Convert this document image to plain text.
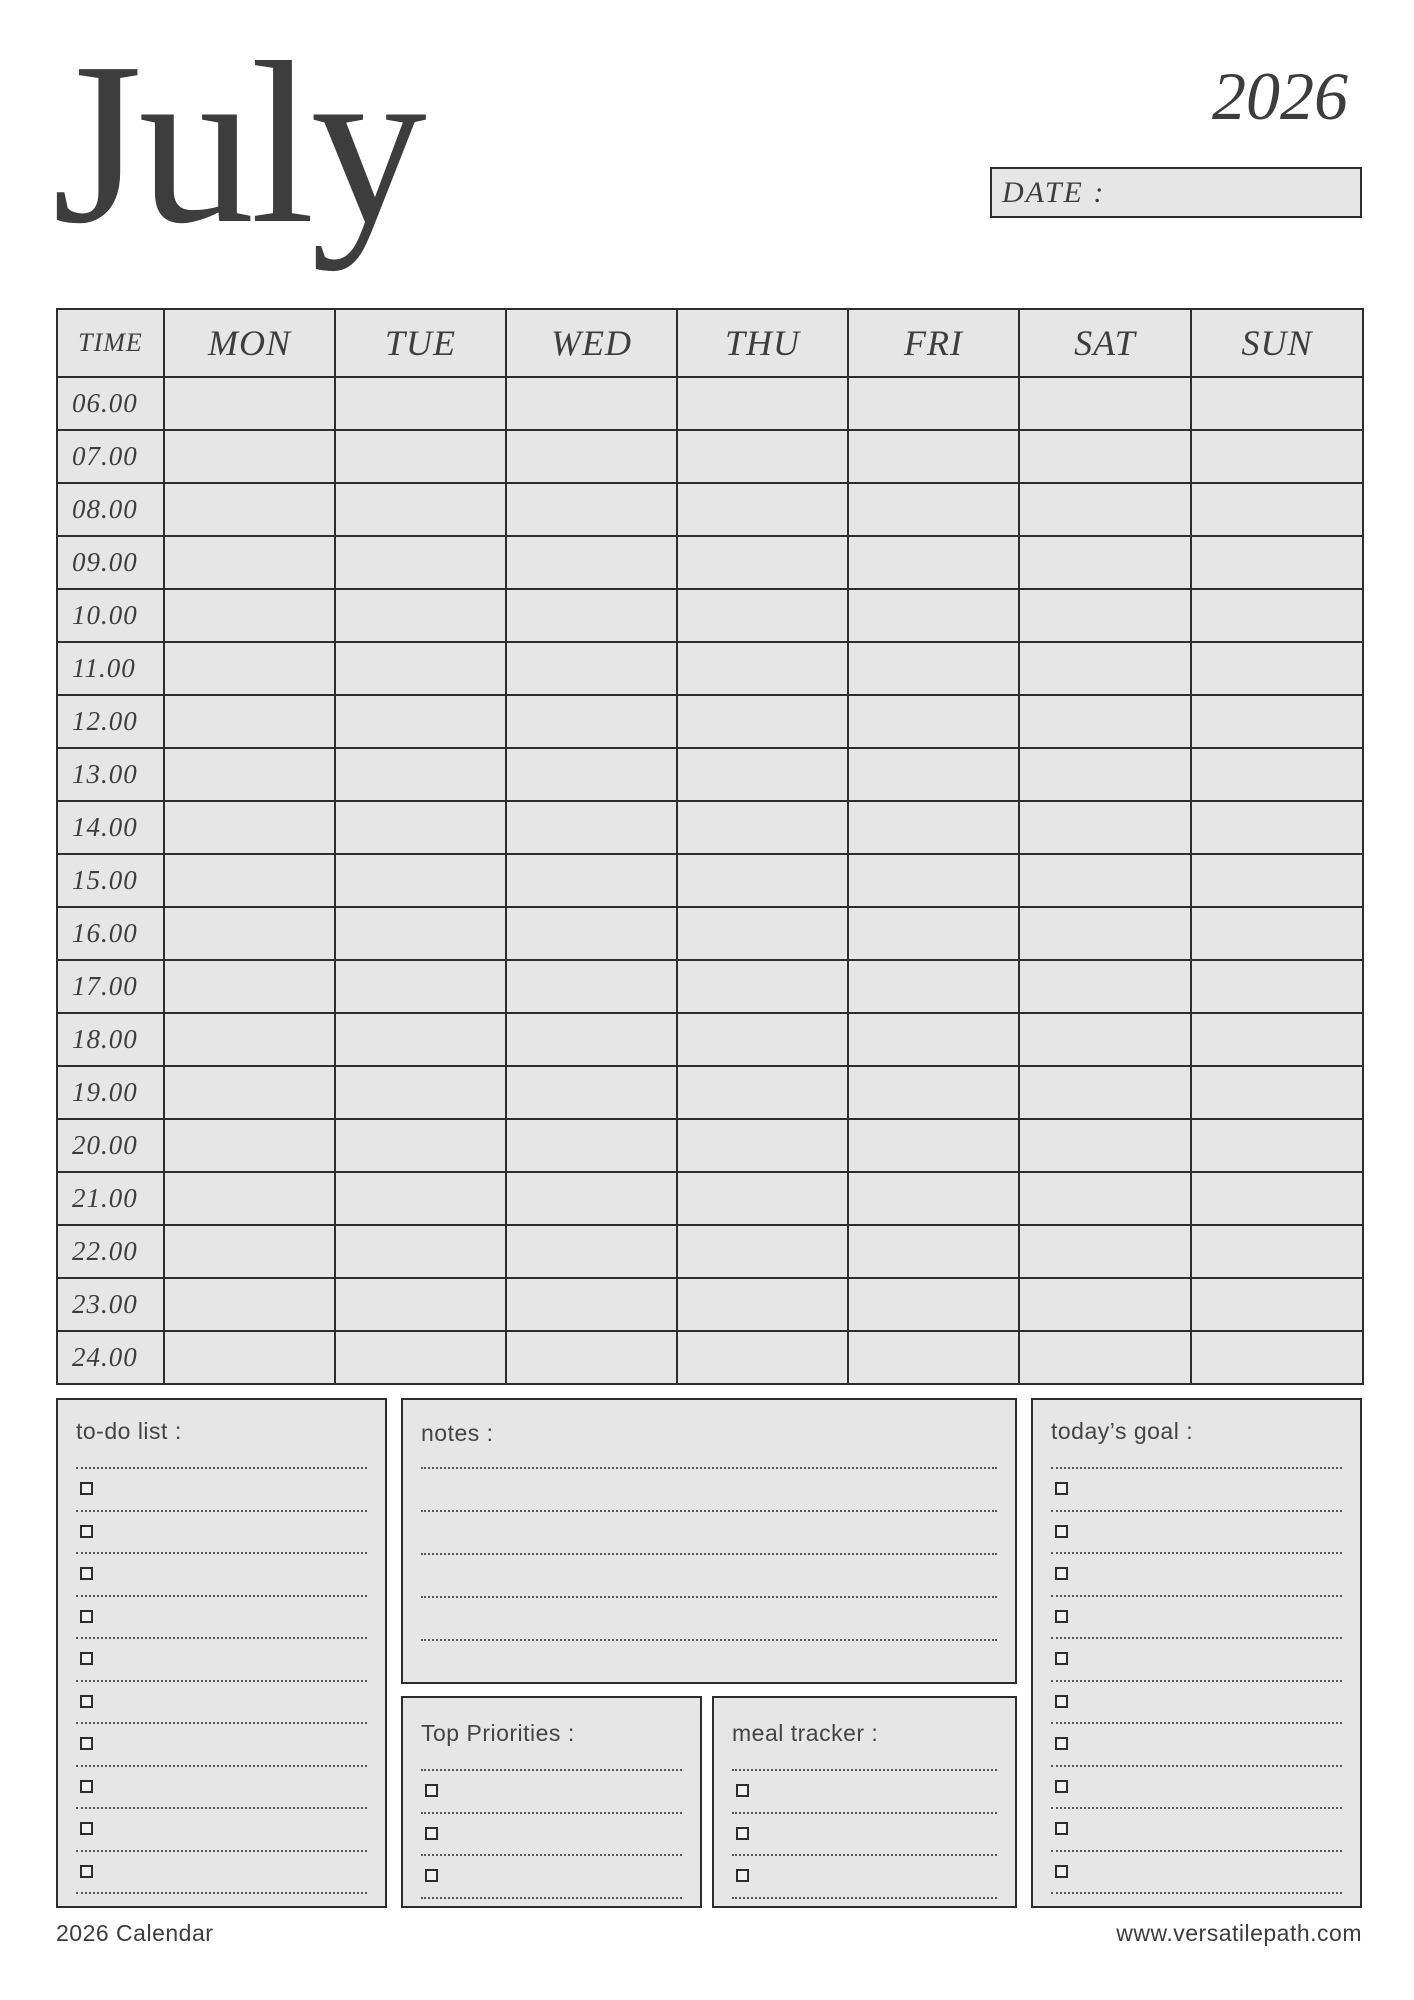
July	2026
DATE :
TIME	MON	TUE	WED	THU	FRI	SAT	SUN
06.00							
07.00							
08.00							
09.00							
10.00							
11.00							
12.00							
13.00							
14.00							
15.00							
16.00							
17.00							
18.00							
19.00							
20.00							
21.00							
22.00							
23.00							
24.00							
to-do list :	notes :
Top Priorities :	meal tracker :
today’s goal :
2026 Calendar	www.versatilepath.com
